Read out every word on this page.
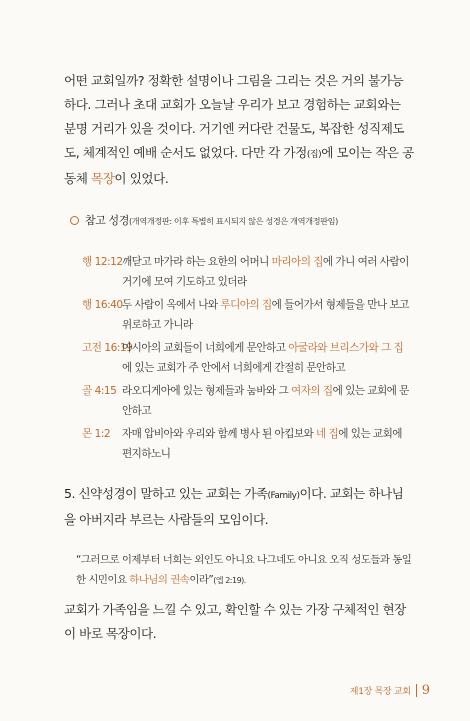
어떤 교회일까? 정확한 설명이나 그림을 그리는 것은 거의 불가능하다. 그러나 초대 교회가 오늘날 우리가 보고 경험하는 교회와는 분명 거리가 있을 것이다. 거기엔 커다란 건물도, 복잡한 성직제도도, 체계적인 예배 순서도 없었다. 다만 각 가정(집)에 모이는 작은 공동체 목장이 있었다.

참고 성경(개역개정판: 이후 특별히 표시되지 않은 성경은 개역개정판임)
행 12:12 깨닫고 마가라 하는 요한의 어머니 마리아의 집에 가니 여러 사람이 거기에 모여 기도하고 있더라
행 16:40 두 사람이 옥에서 나와 루디아의 집에 들어가서 형제들을 만나 보고 위로하고 가니라
고전 16:19
아시아의 교회들이 너희에게 문안하고 아굴라와 브리스가와 그 집에 있는 교회가 주 안에서 너희에게 간절히 문안하고
골 4:15 라오디게아에 있는 형제들과 눔바와 그 여자의 집에 있는 교회에 문안하고
몬 1:2	자매 압비아와 우리와 함께 병사 된 아킵보와 네 집에 있는 교회에 편지하노니
5. 신약성경이 말하고 있는 교회는 가족(Family)이다. 교회는 하나님을 아버지라 부르는 사람들의 모임이다.
“그러므로 이제부터 너희는 외인도 아니요 나그네도 아니요 오직 성도들과 동일한 시민이요 하나님의 권속이라”(엡 2:19).
교회가 가족임을 느낄 수 있고, 확인할 수 있는 가장 구체적인 현장이 바로 목장이다.
제1장 목장 교회 9
